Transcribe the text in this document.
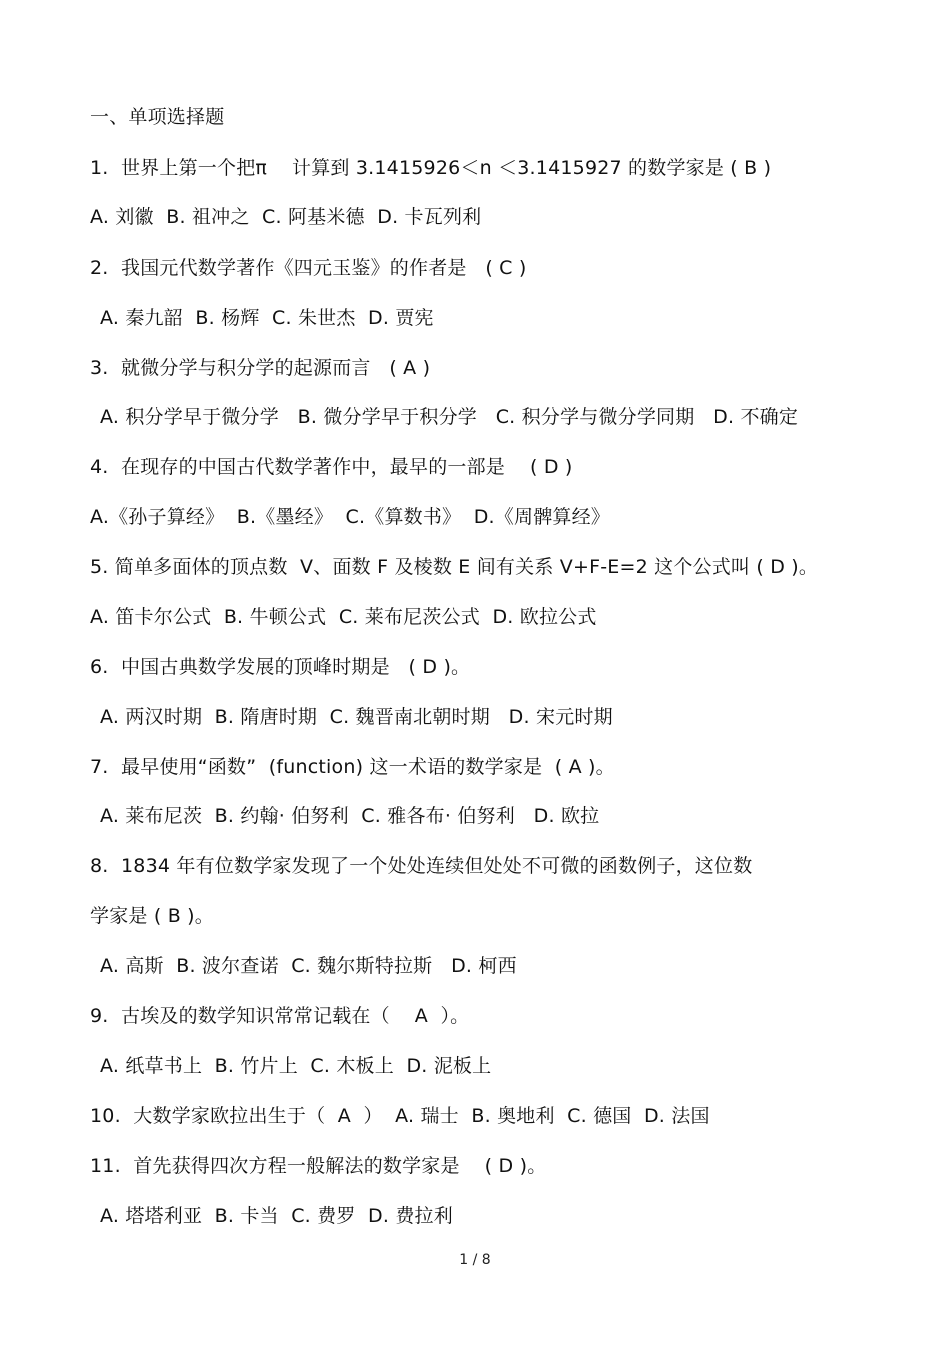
一、单项选择题
1.  世界上第一个把π    计算到 3.1415926＜n ＜3.1415927 的数学家是 ( B )
A. 刘徽  B. 祖冲之  C. 阿基米德  D. 卡瓦列利
2.  我国元代数学著作《四元玉鉴》的作者是   ( C )
A. 秦九韶  B. 杨辉  C. 朱世杰  D. 贾宪
3.  就微分学与积分学的起源而言   ( A )
A. 积分学早于微分学   B. 微分学早于积分学   C. 积分学与微分学同期   D. 不确定
4.  在现存的中国古代数学著作中，最早的一部是    ( D )
A.《孙子算经》  B.《墨经》  C.《算数书》  D.《周髀算经》
5. 简单多面体的顶点数  V、面数 F 及棱数 E 间有关系 V+F-E=2 这个公式叫 ( D )。
A. 笛卡尔公式  B. 牛顿公式  C. 莱布尼茨公式  D. 欧拉公式
6.  中国古典数学发展的顶峰时期是   ( D )。
A. 两汉时期  B. 隋唐时期  C. 魏晋南北朝时期   D. 宋元时期
7.  最早使用“函数”  (function) 这一术语的数学家是  ( A )。
A. 莱布尼茨  B. 约翰· 伯努利  C. 雅各布· 伯努利   D. 欧拉
8.  1834 年有位数学家发现了一个处处连续但处处不可微的函数例子，这位数
学家是 ( B )。
A. 高斯  B. 波尔查诺  C. 魏尔斯特拉斯   D. 柯西
9.  古埃及的数学知识常常记载在（    A  ）。
A. 纸草书上  B. 竹片上  C. 木板上  D. 泥板上
10.  大数学家欧拉出生于（  A  ）  A. 瑞士  B. 奥地利  C. 德国  D. 法国
11.  首先获得四次方程一般解法的数学家是    ( D )。
A. 塔塔利亚  B. 卡当  C. 费罗  D. 费拉利
1 / 8
